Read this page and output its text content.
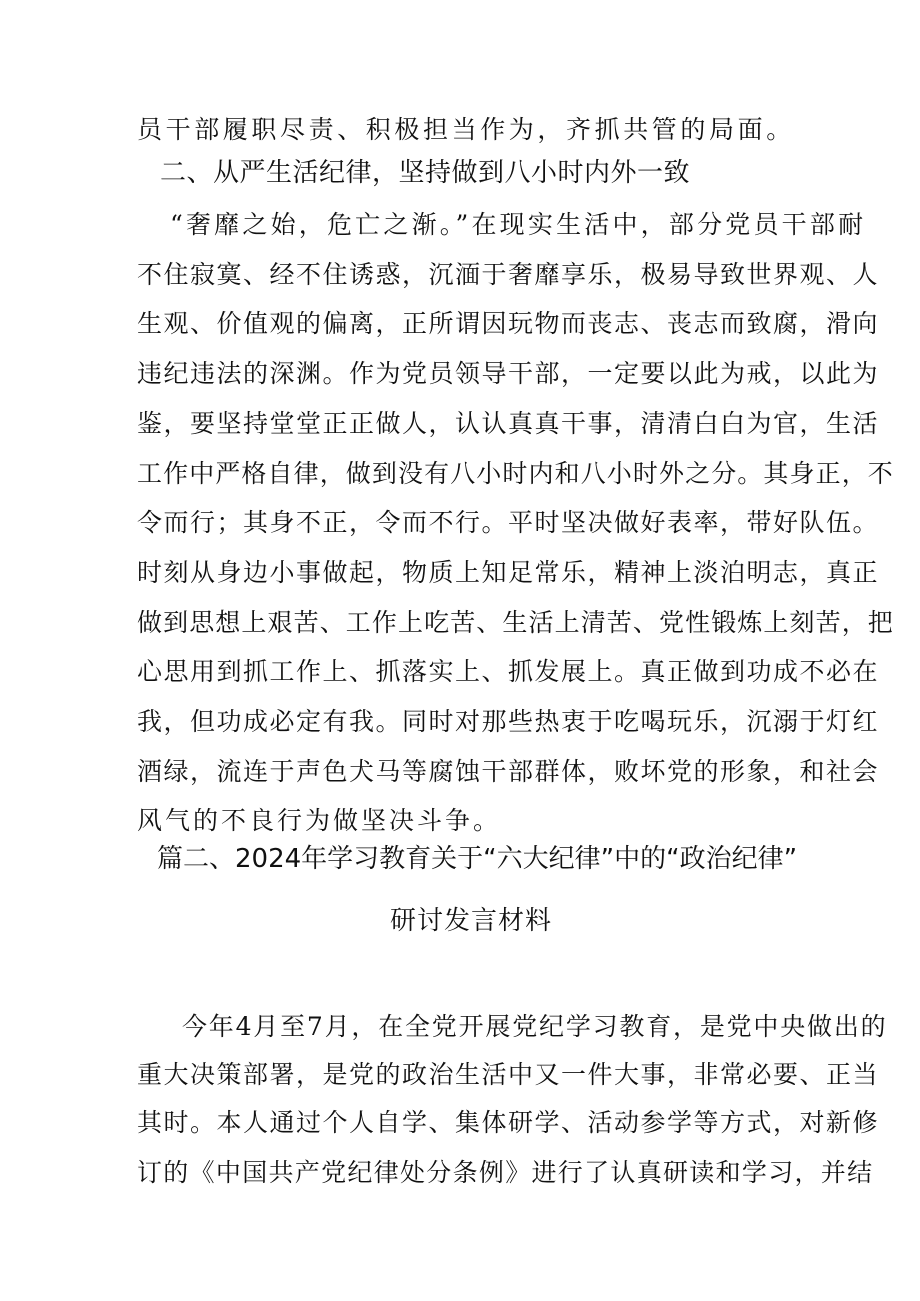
员干部履职尽责、积极担当作为，齐抓共管的局面。
二、从严生活纪律，坚持做到八小时内外一致
“奢靡之始，危亡之渐。”在现实生活中，部分党员干部耐
不住寂寞、经不住诱惑，沉湎于奢靡享乐，极易导致世界观、人
生观、价值观的偏离，正所谓因玩物而丧志、丧志而致腐，滑向
违纪违法的深渊。作为党员领导干部，一定要以此为戒，以此为
鉴，要坚持堂堂正正做人，认认真真干事，清清白白为官，生活
工作中严格自律，做到没有八小时内和八小时外之分。其身正，不
令而行；其身不正，令而不行。平时坚决做好表率，带好队伍。
时刻从身边小事做起，物质上知足常乐，精神上淡泊明志，真正
做到思想上艰苦、工作上吃苦、生活上清苦、党性锻炼上刻苦，把
心思用到抓工作上、抓落实上、抓发展上。真正做到功成不必在
我，但功成必定有我。同时对那些热衷于吃喝玩乐，沉溺于灯红
酒绿，流连于声色犬马等腐蚀干部群体，败坏党的形象，和社会
风气的不良行为做坚决斗争。
篇二、2024年学习教育关于“六大纪律”中的“政治纪律”
研讨发言材料
今年4月至7月，在全党开展党纪学习教育，是党中央做出的
重大决策部署，是党的政治生活中又一件大事，非常必要、正当
其时。本人通过个人自学、集体研学、活动参学等方式，对新修
订的《中国共产党纪律处分条例》进行了认真研读和学习，并结
